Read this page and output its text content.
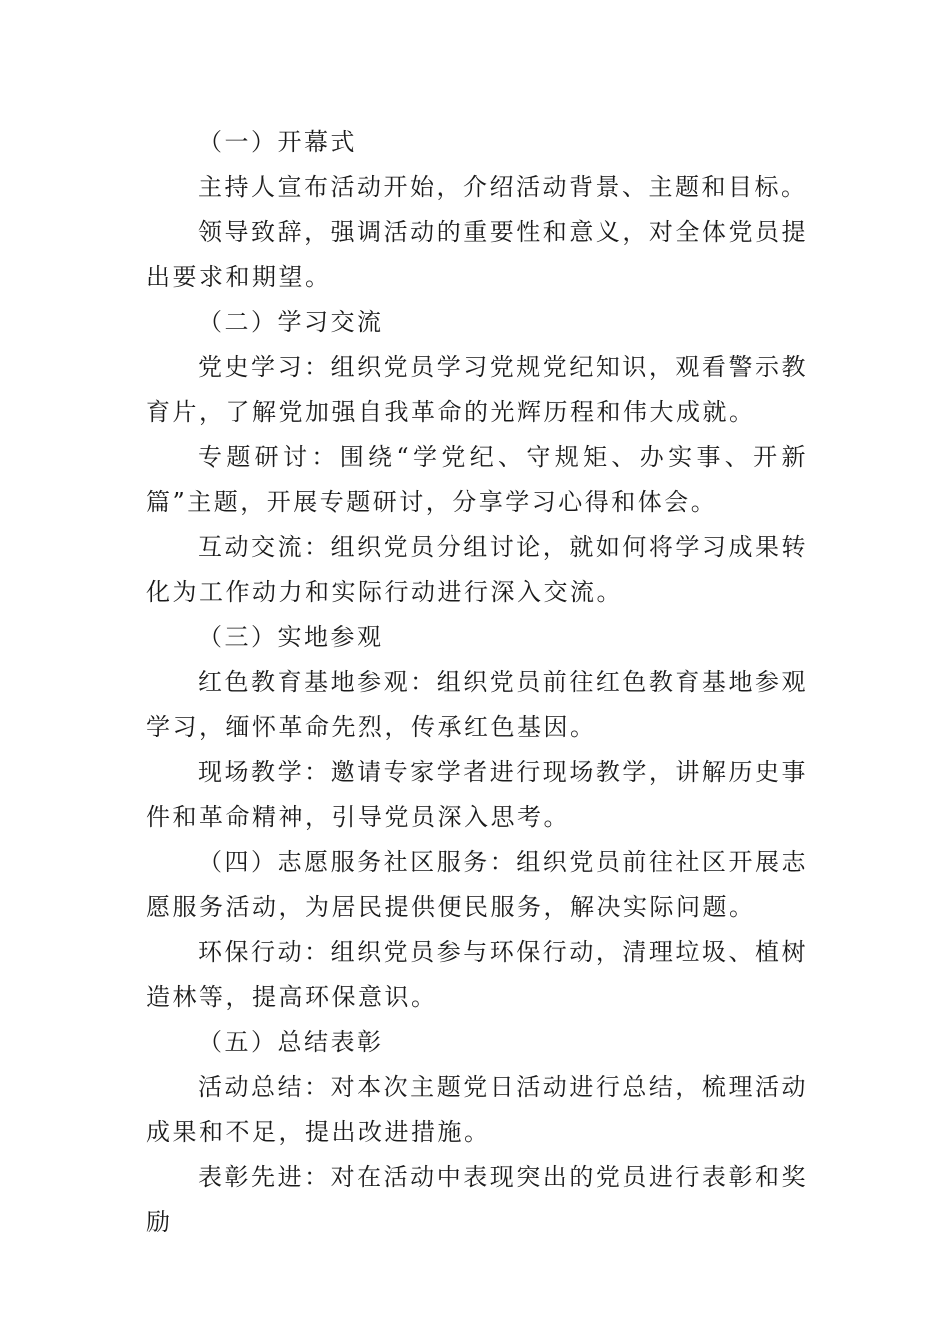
（一）开幕式

主持人宣布活动开始，介绍活动背景、主题和目标。

领导致辞，强调活动的重要性和意义，对全体党员提出要求和期望。

（二）学习交流

党史学习：组织党员学习党规党纪知识，观看警示教育片，了解党加强自我革命的光辉历程和伟大成就。

专题研讨：围绕“学党纪、守规矩、办实事、开新篇”主题，开展专题研讨，分享学习心得和体会。

互动交流：组织党员分组讨论，就如何将学习成果转化为工作动力和实际行动进行深入交流。

（三）实地参观

红色教育基地参观：组织党员前往红色教育基地参观学习，缅怀革命先烈，传承红色基因。

现场教学：邀请专家学者进行现场教学，讲解历史事件和革命精神，引导党员深入思考。

（四）志愿服务社区服务：组织党员前往社区开展志愿服务活动，为居民提供便民服务，解决实际问题。

环保行动：组织党员参与环保行动，清理垃圾、植树造林等，提高环保意识。

（五）总结表彰

活动总结：对本次主题党日活动进行总结，梳理活动成果和不足，提出改进措施。

表彰先进：对在活动中表现突出的党员进行表彰和奖励
